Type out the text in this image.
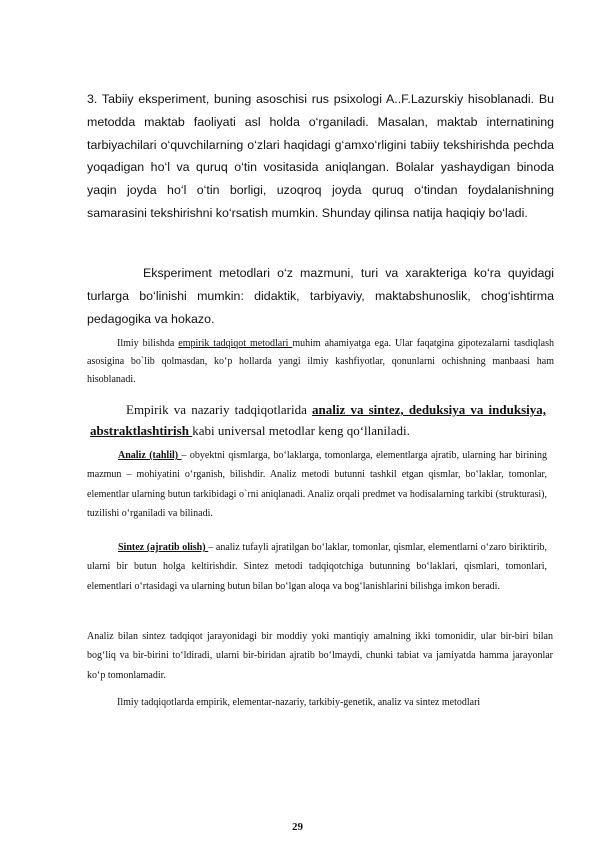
3. Tabiiy eksperiment, buning asoschisi rus psixologi A..F.Lazurskiy hisoblanadi. Bu metodda maktab faoliyati asl holda o‘rganiladi. Masalan, maktab internatining tarbiyachilari o‘quvchilarning o‘zlari haqidagi g‘amxo‘rligini tabiiy tekshirishda pechda yoqadigan ho‘l va quruq o‘tin vositasida aniqlangan. Bolalar yashaydigan binoda yaqin joyda ho‘l o‘tin borligi, uzoqroq joyda quruq o‘tindan foydalanishning samarasini tekshirishni ko‘rsatish mumkin. Shunday qilinsa natija haqiqiy bo‘ladi.

Eksperiment metodlari o‘z mazmuni, turi va xarakteriga ko‘ra quyidagi turlarga bo‘linishi mumkin: didaktik, tarbiyaviy, maktabshunoslik, chog‘ishtirma pedagogika va hokazo.

Ilmiy bilishda empirik tadqiqot metodlari muhim ahamiyatga ega. Ular faqatgina gipotezalarni tasdiqlash asosigina bo`lib qolmasdan, ko‘p hollarda yangi ilmiy kashfiyotlar, qonunlarni ochishning manbaasi ham hisoblanadi.

Empirik va nazariy tadqiqotlarida analiz va sintez, deduksiya va induksiya, abstraktlashtirish kabi universal metodlar keng qo‘llaniladi.

Analiz (tahlil) – obyektni qismlarga, bo‘laklarga, tomonlarga, elementlarga ajratib, ularning har birining mazmun – mohiyatini o‘rganish, bilishdir. Analiz metodi butunni tashkil etgan qismlar, bo‘laklar, tomonlar, elementlar ularning butun tarkibidagi o`rni aniqlanadi. Analiz orqali predmet va hodisalarning tarkibi (strukturasi), tuzilishi o‘rganiladi va bilinadi.

Sintez (ajratib olish) – analiz tufayli ajratilgan bo‘laklar, tomonlar, qismlar, elementlarni o‘zaro biriktirib, ularni bir butun holga keltirishdir. Sintez metodi tadqiqotchiga butunning bo‘laklari, qismlari, tomonlari, elementlari o‘rtasidagi va ularning butun bilan bo‘lgan aloqa va bog‘lanishlarini bilishga imkon beradi.

Analiz bilan sintez tadqiqot jarayonidagi bir moddiy yoki mantiqiy amalning ikki tomonidir, ular bir-biri bilan bog‘liq va bir-birini to‘ldiradi, ularni bir-biridan ajratib bo‘lmaydi, chunki tabiat va jamiyatda hamma jarayonlar ko‘p tomonlamadir.

Ilmiy tadqiqotlarda empirik, elementar-nazariy, tarkibiy-genetik, analiz va sintez metodlari

29
